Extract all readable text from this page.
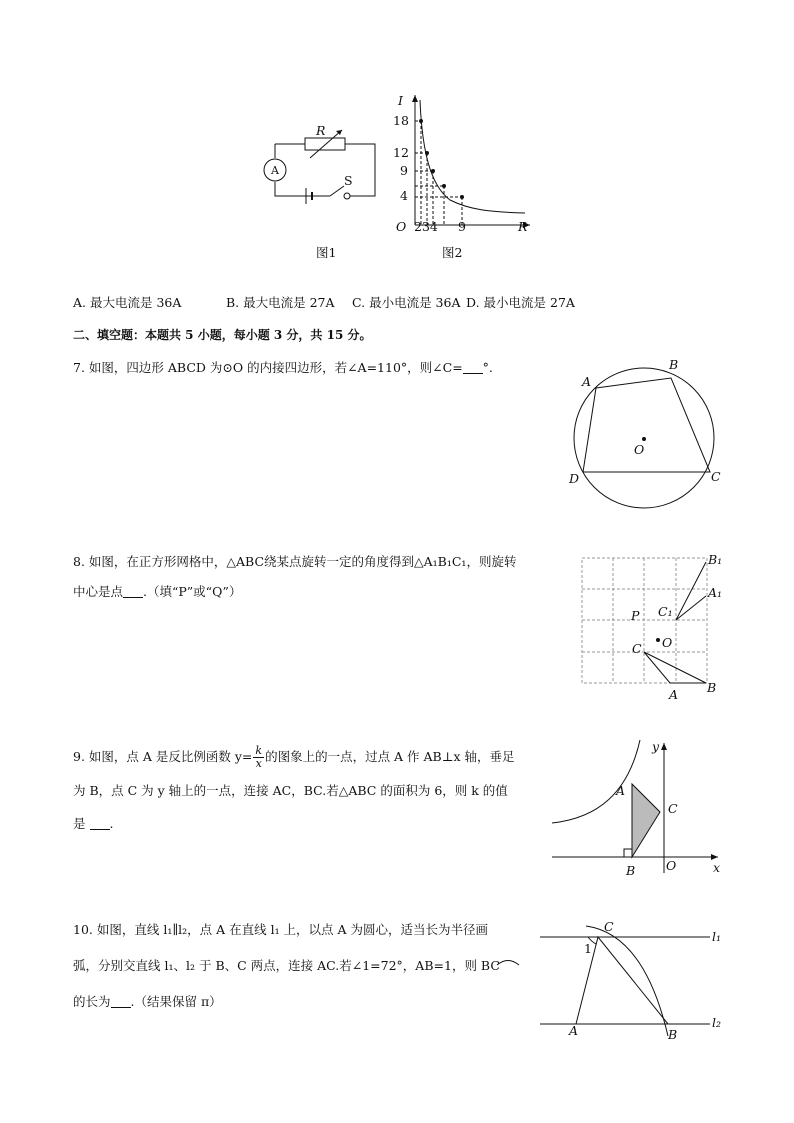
R
A
S
图1
I
18
12
9
4
O 234 9	R
图2
A. 最大电流是 36A	B. 最大电流是 27A C. 最小电流是 36A D. 最小电流是 27A
二、填空题：本题共 5 小题，每小题 3 分，共 15 分。
7. 如图，四边形 ABCD 为⊙O 的内接四边形，若∠A=110°，则∠C= °.
A
B
C
D
O
8. 如图，在正方形网格中，△ABC绕某点旋转一定的角度得到△A₁B₁C₁，则旋转
中心是点 .（填“P”或“Q”）
B₁
A₁
P C₁
O
C
A B
9. 如图，点 A 是反比例函数 $y= \frac{k}{x}$ 的图象上的一点，过点 A 作 AB⊥x 轴，垂足
为 B，点 C 为 y 轴上的一点，连接 AC，BC.若△ABC 的面积为 6，则 k 的值
是 .
y
A
C
B O	x
10. 如图，直线 l₁∥l₂，点 A 在直线 l₁ 上，以点 A 为圆心，适当长为半径画
弧，分别交直线 l₁、l₂ 于 B、C 两点，连接 AC.若∠1=72°，AB=1，则 BC
的长为 .（结果保留 π）
C
1
l₁
l₂
A	B
